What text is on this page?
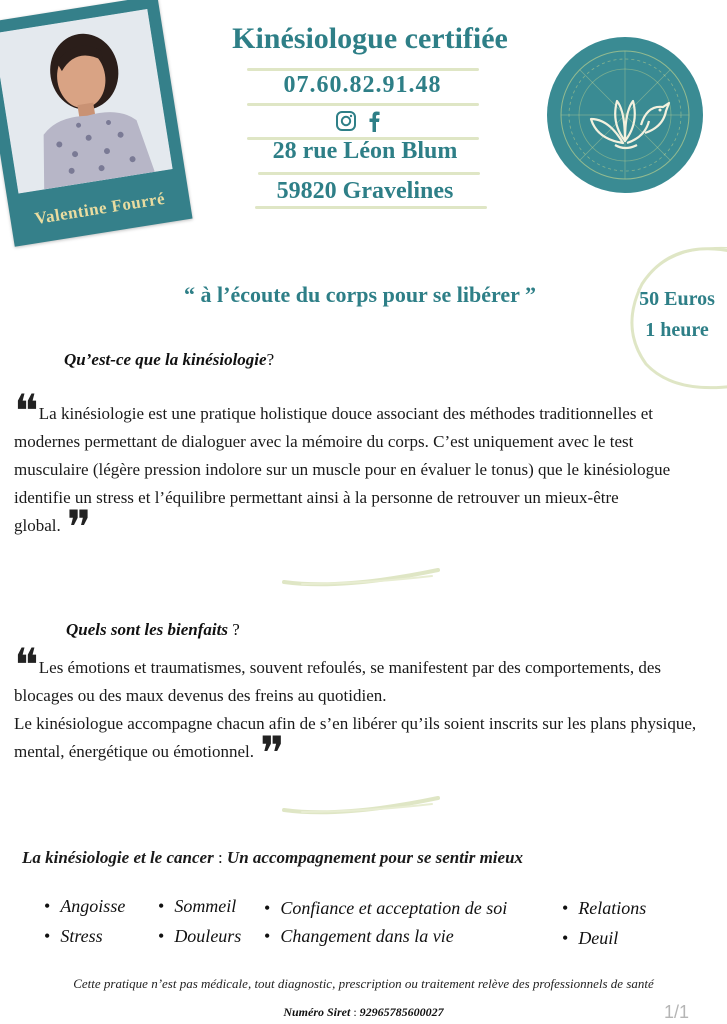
Valentine Fourré
Kinésiologue certifiée
07.60.82.91.48
28 rue Léon Blum
59820 Gravelines
“ à l’écoute du corps pour se libérer ”	50 Euros
1 heure
Qu’est-ce que la kinésiologie?
❝ La kinésiologie est une pratique holistique douce associant des méthodes traditionnelles et modernes permettant de dialoguer avec la mémoire du corps. C’est uniquement avec le test musculaire (légère pression indolore sur un muscle pour en évaluer le tonus) que le kinésiologue identifie un stress et l’équilibre permettant ainsi à la personne de retrouver un mieux-être global. ❞
Quels sont les bienfaits ?
❝ Les émotions et traumatismes, souvent refoulés, se manifestent par des comportements, des blocages ou des maux devenus des freins au quotidien.
Le kinésiologue accompagne chacun afin de s’en libérer qu’ils soient inscrits sur les plans physique, mental, énergétique ou émotionnel. ❞
La kinésiologie et le cancer : Un accompagnement pour se sentir mieux
• Angoisse
• Stress
• Sommeil
• Douleurs
• Confiance et acceptation de soi
• Changement dans la vie
• Relations
• Deuil
Cette pratique n’est pas médicale, tout diagnostic, prescription ou traitement relève des professionnels de santé
Numéro Siret : 92965785600027	1/1
